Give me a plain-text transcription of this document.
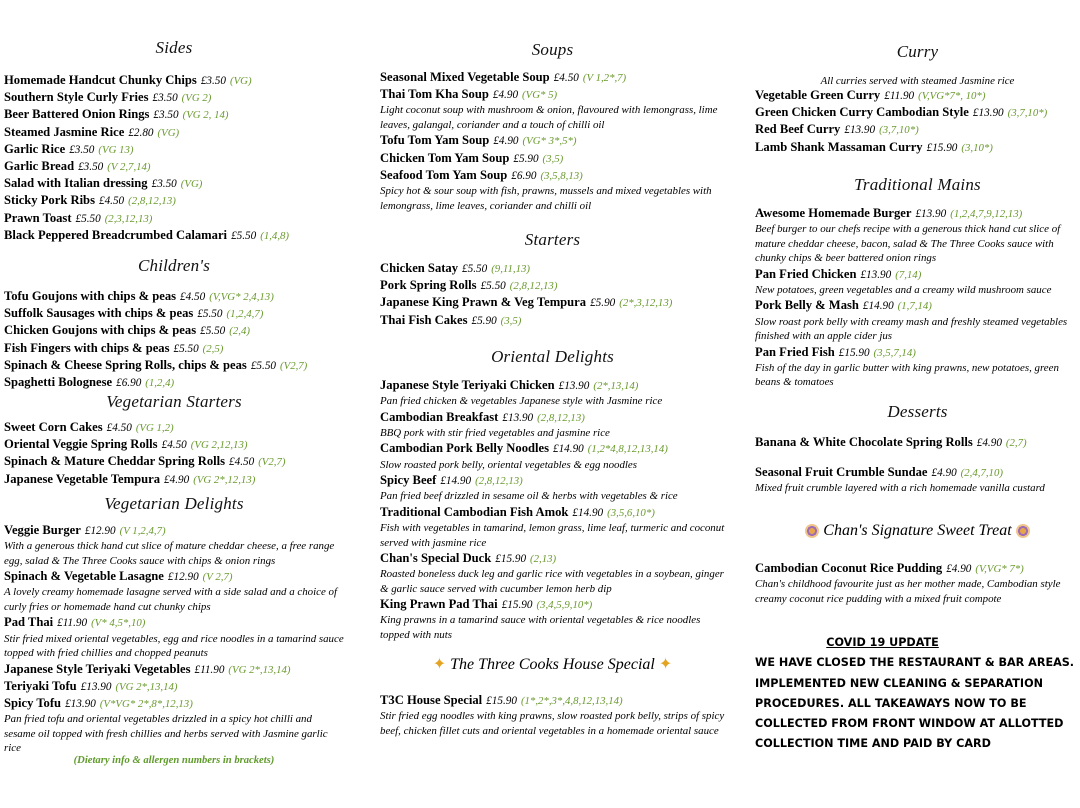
Sides
Homemade Handcut Chunky Chips £3.50 (VG)
Southern Style Curly Fries £3.50 (VG 2)
Beer Battered Onion Rings £3.50 (VG 2, 14)
Steamed Jasmine Rice £2.80 (VG)
Garlic Rice £3.50 (VG 13)
Garlic Bread £3.50 (V 2,7,14)
Salad with Italian dressing £3.50 (VG)
Sticky Pork Ribs £4.50 (2,8,12,13)
Prawn Toast £5.50 (2,3,12,13)
Black Peppered Breadcrumbed Calamari £5.50 (1,4,8)
Children's
Tofu Goujons with chips & peas £4.50 (V,VG* 2,4,13)
Suffolk Sausages with chips & peas £5.50 (1,2,4,7)
Chicken Goujons with chips & peas £5.50 (2,4)
Fish Fingers with chips & peas £5.50 (2,5)
Spinach & Cheese Spring Rolls, chips & peas £5.50 (V2,7)
Spaghetti Bolognese £6.90 (1,2,4)
Vegetarian Starters
Sweet Corn Cakes £4.50 (VG 1,2)
Oriental Veggie Spring Rolls £4.50 (VG 2,12,13)
Spinach & Mature Cheddar Spring Rolls £4.50 (V2,7)
Japanese Vegetable Tempura £4.90 (VG 2*,12,13)
Vegetarian Delights
Veggie Burger £12.90 (V 1,2,4,7)
With a generous thick hand cut slice of mature cheddar cheese, a free range egg, salad & The Three Cooks sauce with chips & onion rings
Spinach & Vegetable Lasagne £12.90 (V 2,7)
A lovely creamy homemade lasagne served with a side salad and a choice of curly fries or homemade hand cut chunky chips
Pad Thai £11.90 (V* 4,5*,10)
Stir fried mixed oriental vegetables, egg and rice noodles in a tamarind sauce topped with fried chillies and chopped peanuts
Japanese Style Teriyaki Vegetables £11.90 (VG 2*,13,14)
Teriyaki Tofu £13.90 (VG 2*,13,14)
Spicy Tofu £13.90 (V*VG* 2*,8*,12,13)
Pan fried tofu and oriental vegetables drizzled in a spicy hot chilli and sesame oil topped with fresh chillies and herbs served with Jasmine garlic rice
(Dietary info & allergen numbers in brackets)
Soups
Seasonal Mixed Vegetable Soup £4.50 (V 1,2*,7)
Thai Tom Kha Soup £4.90 (VG* 5)
Light coconut soup with mushroom & onion, flavoured with lemongrass, lime leaves, galangal, coriander and a touch of chilli oil
Tofu Tom Yam Soup £4.90 (VG* 3*,5*)
Chicken Tom Yam Soup £5.90 (3,5)
Seafood Tom Yam Soup £6.90 (3,5,8,13)
Spicy hot & sour soup with fish, prawns, mussels and mixed vegetables with lemongrass, lime leaves, coriander and chilli oil
Starters
Chicken Satay £5.50 (9,11,13)
Pork Spring Rolls £5.50 (2,8,12,13)
Japanese King Prawn & Veg Tempura £5.90 (2*,3,12,13)
Thai Fish Cakes £5.90 (3,5)
Oriental Delights
Japanese Style Teriyaki Chicken £13.90 (2*,13,14)
Pan fried chicken & vegetables Japanese style with Jasmine rice
Cambodian Breakfast £13.90 (2,8,12,13)
BBQ pork with stir fried vegetables and jasmine rice
Cambodian Pork Belly Noodles £14.90 (1,2*4,8,12,13,14)
Slow roasted pork belly, oriental vegetables & egg noodles
Spicy Beef £14.90 (2,8,12,13)
Pan fried beef drizzled in sesame oil & herbs with vegetables & rice
Traditional Cambodian Fish Amok £14.90 (3,5,6,10*)
Fish with vegetables in tamarind, lemon grass, lime leaf, turmeric and coconut served with jasmine rice
Chan's Special Duck £15.90 (2,13)
Roasted boneless duck leg and garlic rice with vegetables in a soybean, ginger & garlic sauce served with cucumber lemon herb dip
King Prawn Pad Thai £15.90 (3,4,5,9,10*)
King prawns in a tamarind sauce with oriental vegetables & rice noodles topped with nuts
✦ The Three Cooks House Special ✦
T3C House Special £15.90 (1*,2*,3*,4,8,12,13,14)
Stir fried egg noodles with king prawns, slow roasted pork belly, strips of spicy beef, chicken fillet cuts and oriental vegetables in a homemade oriental sauce
Curry
All curries served with steamed Jasmine rice
Vegetable Green Curry £11.90 (V,VG*7*, 10*)
Green Chicken Curry Cambodian Style £13.90 (3,7,10*)
Red Beef Curry £13.90 (3,7,10*)
Lamb Shank Massaman Curry £15.90 (3,10*)
Traditional Mains
Awesome Homemade Burger £13.90 (1,2,4,7,9,12,13)
Beef burger to our chefs recipe with a generous thick hand cut slice of mature cheddar cheese, bacon, salad & The Three Cooks sauce with chunky chips & beer battered onion rings
Pan Fried Chicken £13.90 (7,14)
New potatoes, green vegetables and a creamy wild mushroom sauce
Pork Belly & Mash £14.90 (1,7,14)
Slow roast pork belly with creamy mash and freshly steamed vegetables finished with an apple cider jus
Pan Fried Fish £15.90 (3,5,7,14)
Fish of the day in garlic butter with king prawns, new potatoes, green beans & tomatoes
Desserts
Banana & White Chocolate Spring Rolls £4.90 (2,7)
Seasonal Fruit Crumble Sundae £4.90 (2,4,7,10)
Mixed fruit crumble layered with a rich homemade vanilla custard
Chan's Signature Sweet Treat
Cambodian Coconut Rice Pudding £4.90 (V,VG* 7*)
Chan's childhood favourite just as her mother made, Cambodian style creamy coconut rice pudding with a mixed fruit compote
COVID 19 UPDATE
WE HAVE CLOSED THE RESTAURANT & BAR AREAS.
IMPLEMENTED NEW CLEANING & SEPARATION
PROCEDURES. ALL TAKEAWAYS NOW TO BE
COLLECTED FROM FRONT WINDOW AT ALLOTTED
COLLECTION TIME AND PAID BY CARD
